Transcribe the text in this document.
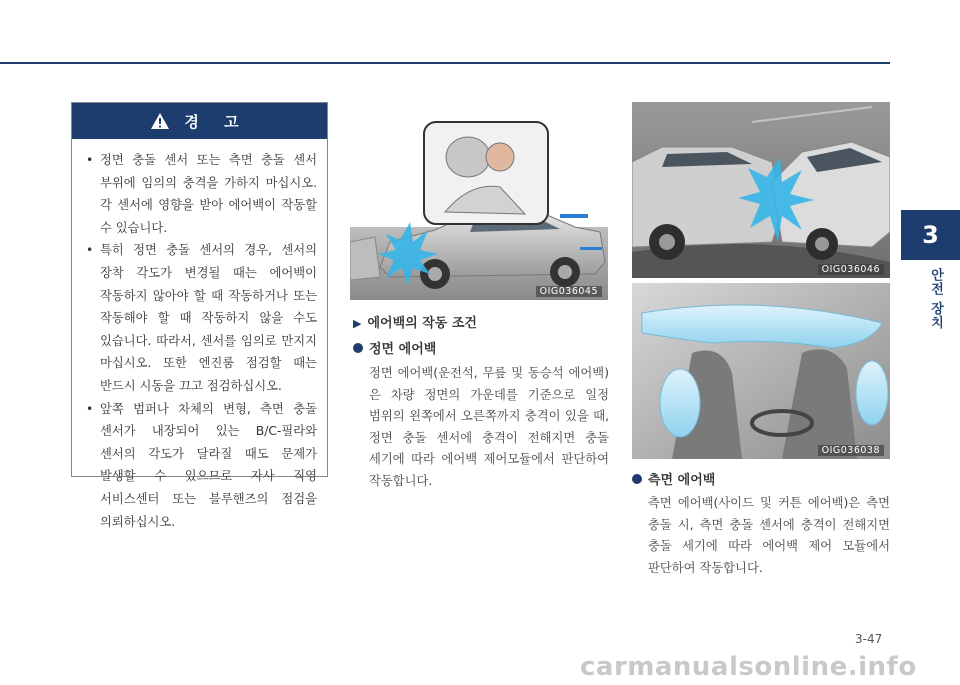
3
안전 장치
경 고
• 정면 충돌 센서 또는 측면 충돌 센서 부위에 임의의 충격을 가하지 마십시오. 각 센서에 영향을 받아 에어백이 작동할 수 있습니다.
• 특히 정면 충돌 센서의 경우, 센서의 장착 각도가 변경될 때는 에어백이 작동하지 않아야 할 때 작동하거나 또는 작동해야 할 때 작동하지 않을 수도 있습니다. 따라서, 센서를 임의로 만지지 마십시오. 또한 엔진룸 점검할 때는 반드시 시동을 끄고 점검하십시오.
• 앞쪽 범퍼나 차체의 변형, 측면 충돌 센서가 내장되어 있는 B/C-필라와 센서의 각도가 달라질 때도 문제가 발생할 수 있으므로 자사 직영 서비스센터 또는 블루핸즈의 점검을 의뢰하십시오.
OIG036045
OIG036046
OIG036038
▶ 에어백의 작동 조건
정면 에어백
정면 에어백(운전석, 무릎 및 동승석 에어백)은 차량 정면의 가운데를 기준으로 일정 범위의 왼쪽에서 오른쪽까지 충격이 있을 때, 정면 충돌 센서에 충격이 전해지면 충돌 세기에 따라 에어백 제어모듈에서 판단하여 작동합니다.	측면 에어백
측면 에어백(사이드 및 커튼 에어백)은 측면 충돌 시, 측면 충돌 센서에 충격이 전해지면 충돌 세기에 따라 에어백 제어 모듈에서 판단하여 작동합니다.
3-47
carmanualsonline.info
